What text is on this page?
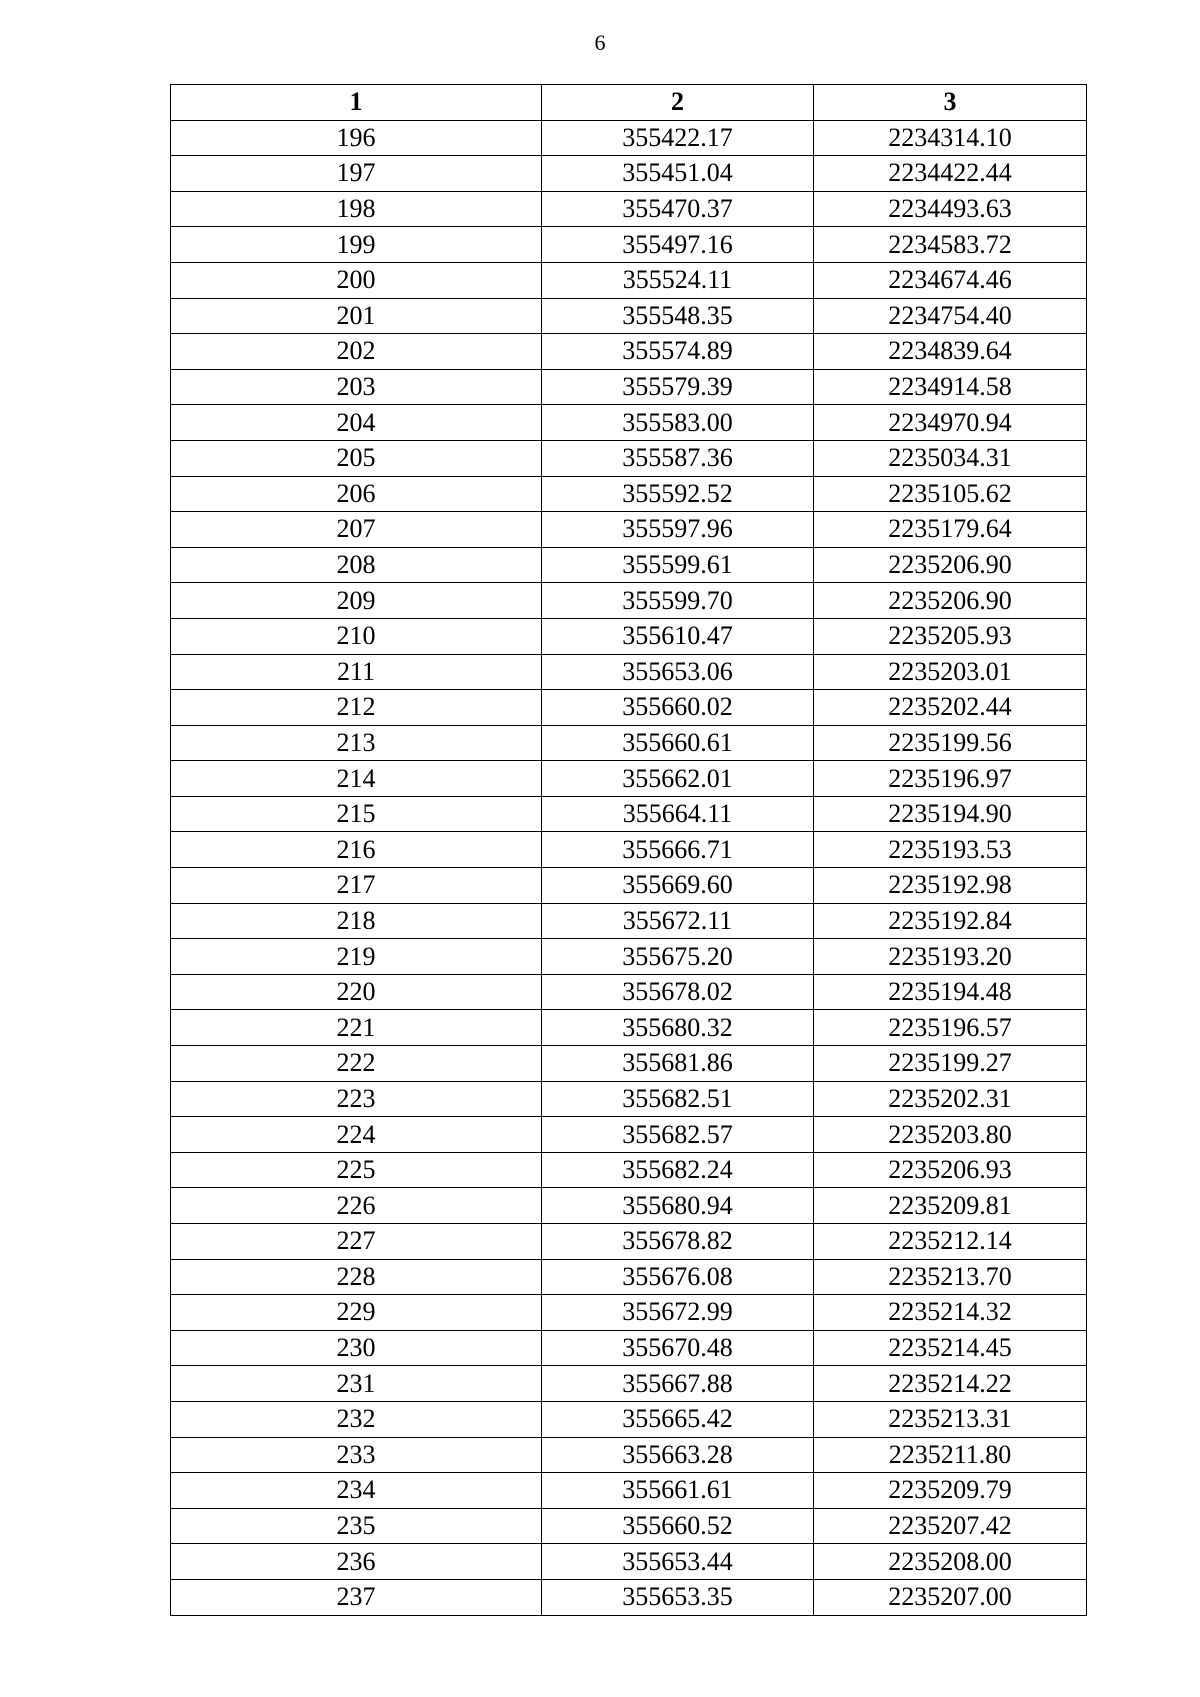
6
1	2	3
196	355422.17	2234314.10
197	355451.04	2234422.44
198	355470.37	2234493.63
199	355497.16	2234583.72
200	355524.11	2234674.46
201	355548.35	2234754.40
202	355574.89	2234839.64
203	355579.39	2234914.58
204	355583.00	2234970.94
205	355587.36	2235034.31
206	355592.52	2235105.62
207	355597.96	2235179.64
208	355599.61	2235206.90
209	355599.70	2235206.90
210	355610.47	2235205.93
211	355653.06	2235203.01
212	355660.02	2235202.44
213	355660.61	2235199.56
214	355662.01	2235196.97
215	355664.11	2235194.90
216	355666.71	2235193.53
217	355669.60	2235192.98
218	355672.11	2235192.84
219	355675.20	2235193.20
220	355678.02	2235194.48
221	355680.32	2235196.57
222	355681.86	2235199.27
223	355682.51	2235202.31
224	355682.57	2235203.80
225	355682.24	2235206.93
226	355680.94	2235209.81
227	355678.82	2235212.14
228	355676.08	2235213.70
229	355672.99	2235214.32
230	355670.48	2235214.45
231	355667.88	2235214.22
232	355665.42	2235213.31
233	355663.28	2235211.80
234	355661.61	2235209.79
235	355660.52	2235207.42
236	355653.44	2235208.00
237	355653.35	2235207.00
